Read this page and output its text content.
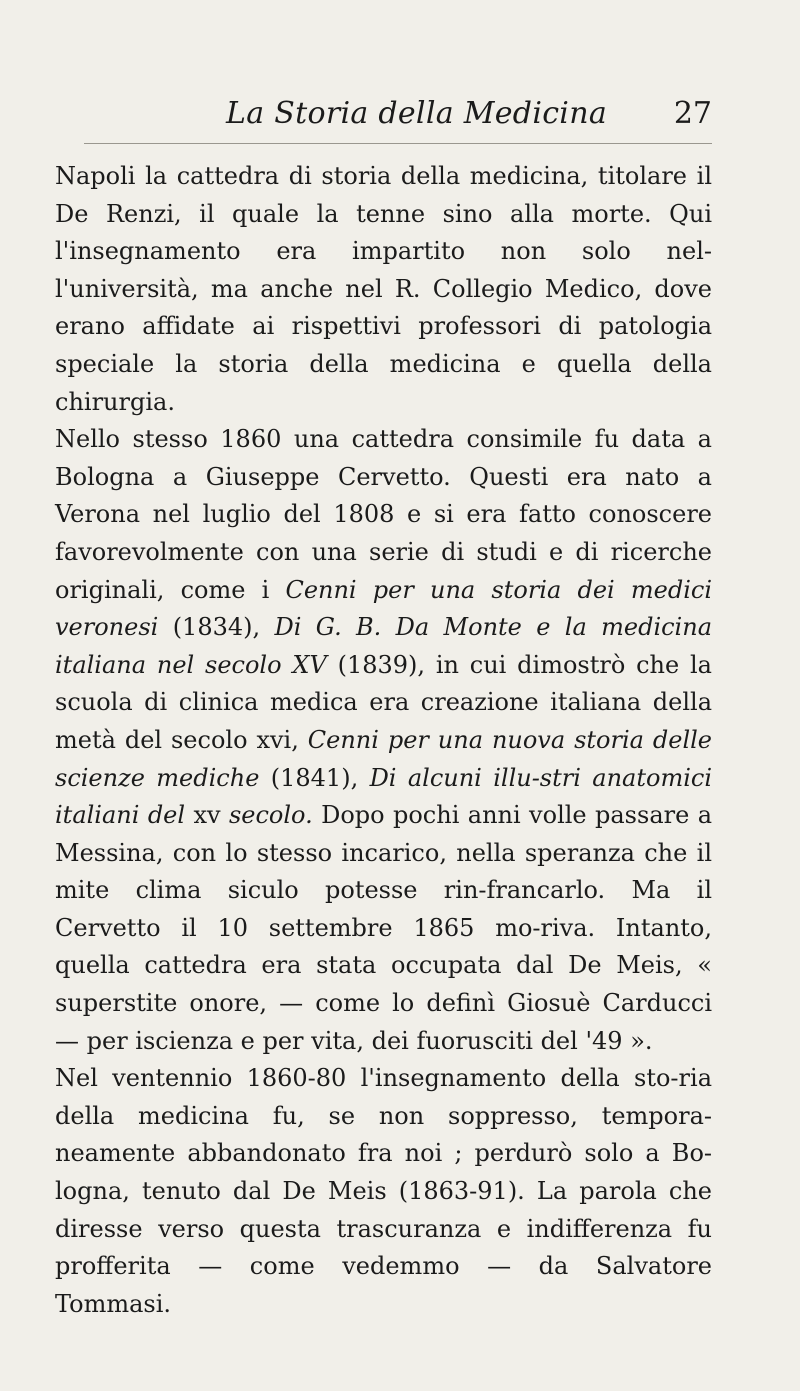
La Storia della Medicina 27

Napoli la cattedra di storia della medicina, titolare il De Renzi, il quale la tenne sino alla morte. Qui l'insegnamento era impartito non solo nel-l'università, ma anche nel R. Collegio Medico, dove erano affidate ai rispettivi professori di patologia speciale la storia della medicina e quella della chirurgia.

Nello stesso 1860 una cattedra consimile fu data a Bologna a Giuseppe Cervetto. Questi era nato a Verona nel luglio del 1808 e si era fatto conoscere favorevolmente con una serie di studi e di ricerche originali, come i Cenni per una storia dei medici veronesi (1834), Di G. B. Da Monte e la medicina italiana nel secolo XV (1839), in cui dimostrò che la scuola di clinica medica era creazione italiana della metà del secolo xvi, Cenni per una nuova storia delle scienze mediche (1841), Di alcuni illu-stri anatomici italiani del xv secolo. Dopo pochi anni volle passare a Messina, con lo stesso incarico, nella speranza che il mite clima siculo potesse rin-francarlo. Ma il Cervetto il 10 settembre 1865 mo-riva. Intanto, quella cattedra era stata occupata dal De Meis, « superstite onore, — come lo definì Giosuè Carducci — per iscienza e per vita, dei fuorusciti del '49 ».

Nel ventennio 1860-80 l'insegnamento della sto-ria della medicina fu, se non soppresso, tempora-neamente abbandonato fra noi ; perdurò solo a Bo-logna, tenuto dal De Meis (1863-91). La parola che diresse verso questa trascuranza e indifferenza fu profferita — come vedemmo — da Salvatore Tommasi.
